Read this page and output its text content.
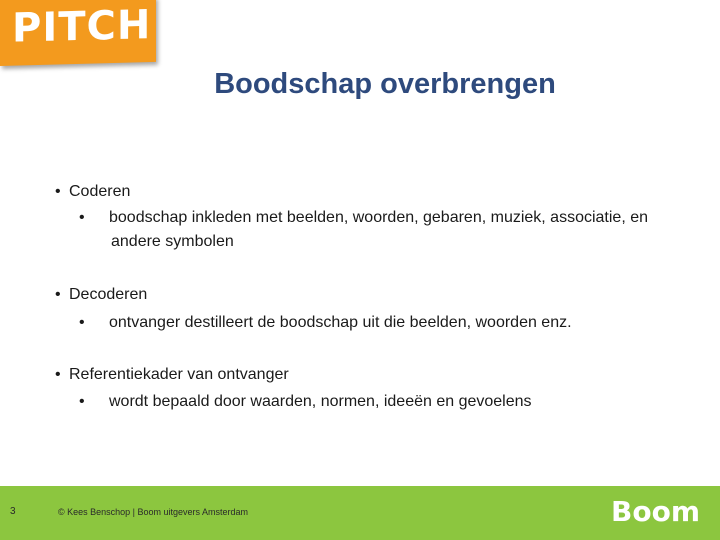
PITCH
Boodschap overbrengen
• Coderen
• boodschap inkleden met beelden, woorden, gebaren, muziek, associatie, en andere symbolen
• Decoderen
• ontvanger destilleert de boodschap uit die beelden, woorden enz.
• Referentiekader van ontvanger
• wordt bepaald door waarden, normen, ideeën en gevoelens
3	© Kees Benschop | Boom uitgevers Amsterdam	Boom
